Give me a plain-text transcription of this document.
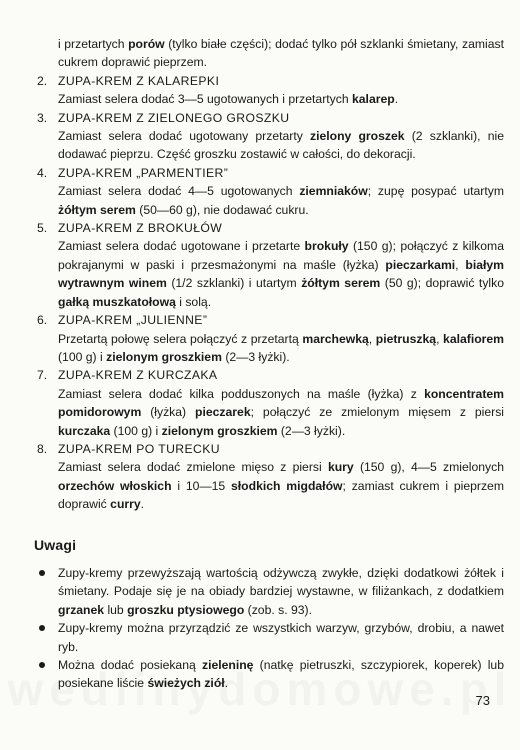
i przetartych porów (tylko białe części); dodać tylko pół szklanki śmietany, zamiast cukrem doprawić pieprzem.
2. ZUPA-KREM Z KALAREPKI
Zamiast selera dodać 3—5 ugotowanych i przetartych kalarep.
3. ZUPA-KREM Z ZIELONEGO GROSZKU
Zamiast selera dodać ugotowany przetarty zielony groszek (2 szklanki), nie dodawać pieprzu. Część groszku zostawić w całości, do dekoracji.
4. ZUPA-KREM „PARMENTIER”
Zamiast selera dodać 4—5 ugotowanych ziemniaków; zupę posypać utartym żółtym serem (50—60 g), nie dodawać cukru.
5. ZUPA-KREM Z BROKUŁÓW
Zamiast selera dodać ugotowane i przetarte brokuły (150 g); połączyć z kilkoma pokrajanymi w paski i przesmażonymi na maśle (łyżka) pieczarkami, białym wytrawnym winem (1/2 szklanki) i utartym żółtym serem (50 g); doprawić tylko gałką muszkatołową i solą.
6. ZUPA-KREM „JULIENNE”
Przetartą połowę selera połączyć z przetartą marchewką, pietruszką, kalafiorem (100 g) i zielonym groszkiem (2—3 łyżki).
7. ZUPA-KREM Z KURCZAKA
Zamiast selera dodać kilka podduszonych na maśle (łyżka) z koncentratem pomidorowym (łyżka) pieczarek; połączyć ze zmielonym mięsem z piersi kurczaka (100 g) i zielonym groszkiem (2—3 łyżki).
8. ZUPA-KREM PO TURECKU
Zamiast selera dodać zmielone mięso z piersi kury (150 g), 4—5 zmielonych orzechów włoskich i 10—15 słodkich migdałów; zamiast cukrem i pieprzem doprawić curry.
Uwagi
Zupy-kremy przewyższają wartością odżywczą zwykłe, dzięki dodatkowi żółtek i śmietany. Podaje się je na obiady bardziej wystawne, w filiżankach, z dodatkiem grzanek lub groszku ptysiowego (zob. s. 93).
Zupy-kremy można przyrządzić ze wszystkich warzyw, grzybów, drobiu, a nawet ryb.
Można dodać posiekaną zieleninę (natkę pietruszki, szczypiorek, koperek) lub posiekane liście świeżych ziół.
73
